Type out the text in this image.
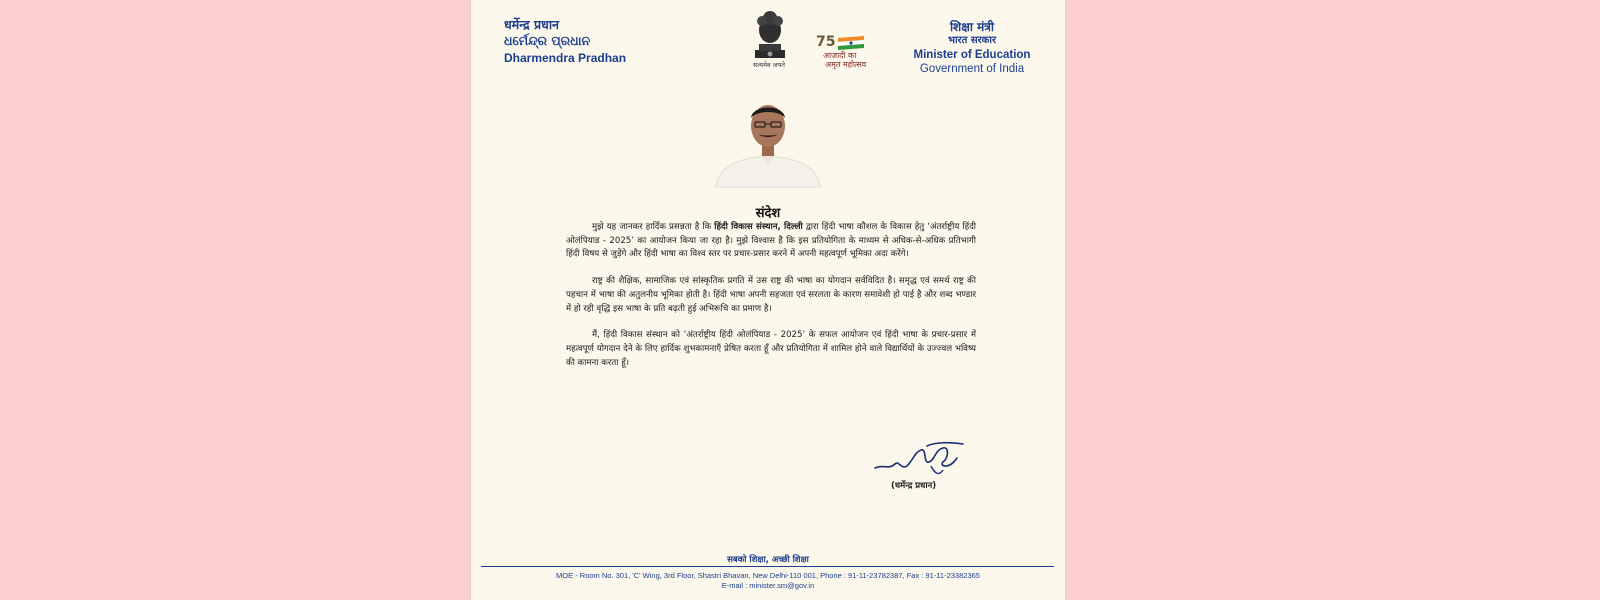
धर्मेन्द्र प्रधान
ଧର୍ମେନ୍ଦ୍ର ପ୍ରଧାନ
Dharmendra Pradhan	सत्यमेव जयते
75
आज़ादी का
अमृत महोत्सव
शिक्षा मंत्री
भारत सरकार
Minister of Education
Government of India
संदेश

मुझे यह जानकर हार्दिक प्रसन्नता है कि हिंदी विकास संस्थान, दिल्ली द्वारा हिंदी भाषा कौशल के विकास हेतु ‘अंतर्राष्ट्रीय हिंदी ओलंपियाड - 2025’ का आयोजन किया जा रहा है। मुझे विश्वास है कि इस प्रतियोगिता के माध्यम से अधिक-से-अधिक प्रतिभागी हिंदी विषय से जुड़ेंगे और हिंदी भाषा का विश्व स्तर पर प्रचार-प्रसार करने में अपनी महत्वपूर्ण भूमिका अदा करेंगे।

राष्ट्र की शैक्षिक, सामाजिक एवं सांस्कृतिक प्रगति में उस राष्ट्र की भाषा का योगदान सर्वविदित है। समृद्ध एवं समर्थ राष्ट्र की पहचान में भाषा की अतुलनीय भूमिका होती है। हिंदी भाषा अपनी सहजता एवं सरलता के कारण समावेशी हो पाई है और शब्द भण्डार में हो रही वृद्धि इस भाषा के प्रति बढ़ती हुई अभिरूचि का प्रमाण है।

मैं, हिंदी विकास संस्थान को ‘अंतर्राष्ट्रीय हिंदी ओलंपियाड - 2025’ के सफल आयोजन एवं हिंदी भाषा के प्रचार-प्रसार में महत्वपूर्ण योगदान देने के लिए हार्दिक शुभकामनाएँ प्रेषित करता हूँ और प्रतियोगिता में शामिल होने वाले विद्यार्थियों के उज्ज्वल भविष्य की कामना करता हूँ।

(धर्मेन्द्र प्रधान)
सबको शिक्षा, अच्छी शिक्षा
MOE - Room No. 301, 'C' Wing, 3rd Floor, Shastri Bhavan, New Delhi-110 001, Phone : 91-11-23782387, Fax : 91-11-23382365
E-mail : minister.sm@gov.in
